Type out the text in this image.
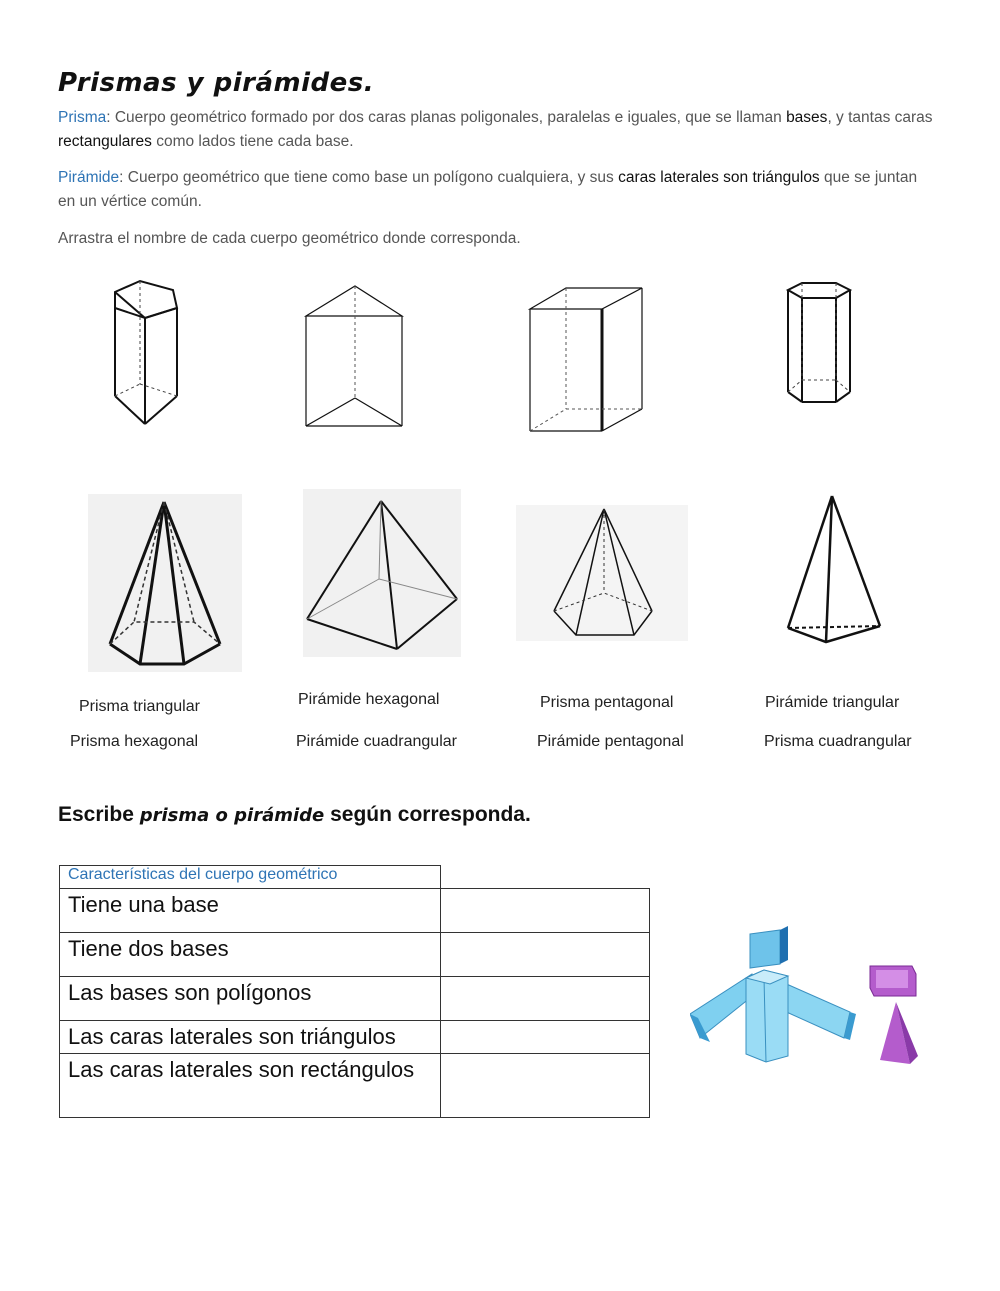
Prismas y pirámides.

Prisma: Cuerpo geométrico formado por dos caras planas poligonales, paralelas e iguales, que se llaman bases, y tantas caras rectangulares como lados tiene cada base.

Pirámide: Cuerpo geométrico que tiene como base un polígono cualquiera, y sus caras laterales son triángulos que se juntan en un vértice común.

Arrastra el nombre de cada cuerpo geométrico donde corresponda.

Prisma triangular	Pirámide hexagonal	Prisma pentagonal	Pirámide triangular
Prisma hexagonal	Pirámide cuadrangular	Pirámide pentagonal	Prisma cuadrangular
Escribe prisma o pirámide según corresponda.
Características del cuerpo geométrico	
Tiene una base	
Tiene dos bases	
Las bases son polígonos	
Las caras laterales son triángulos	
Las caras laterales son rectángulos	
